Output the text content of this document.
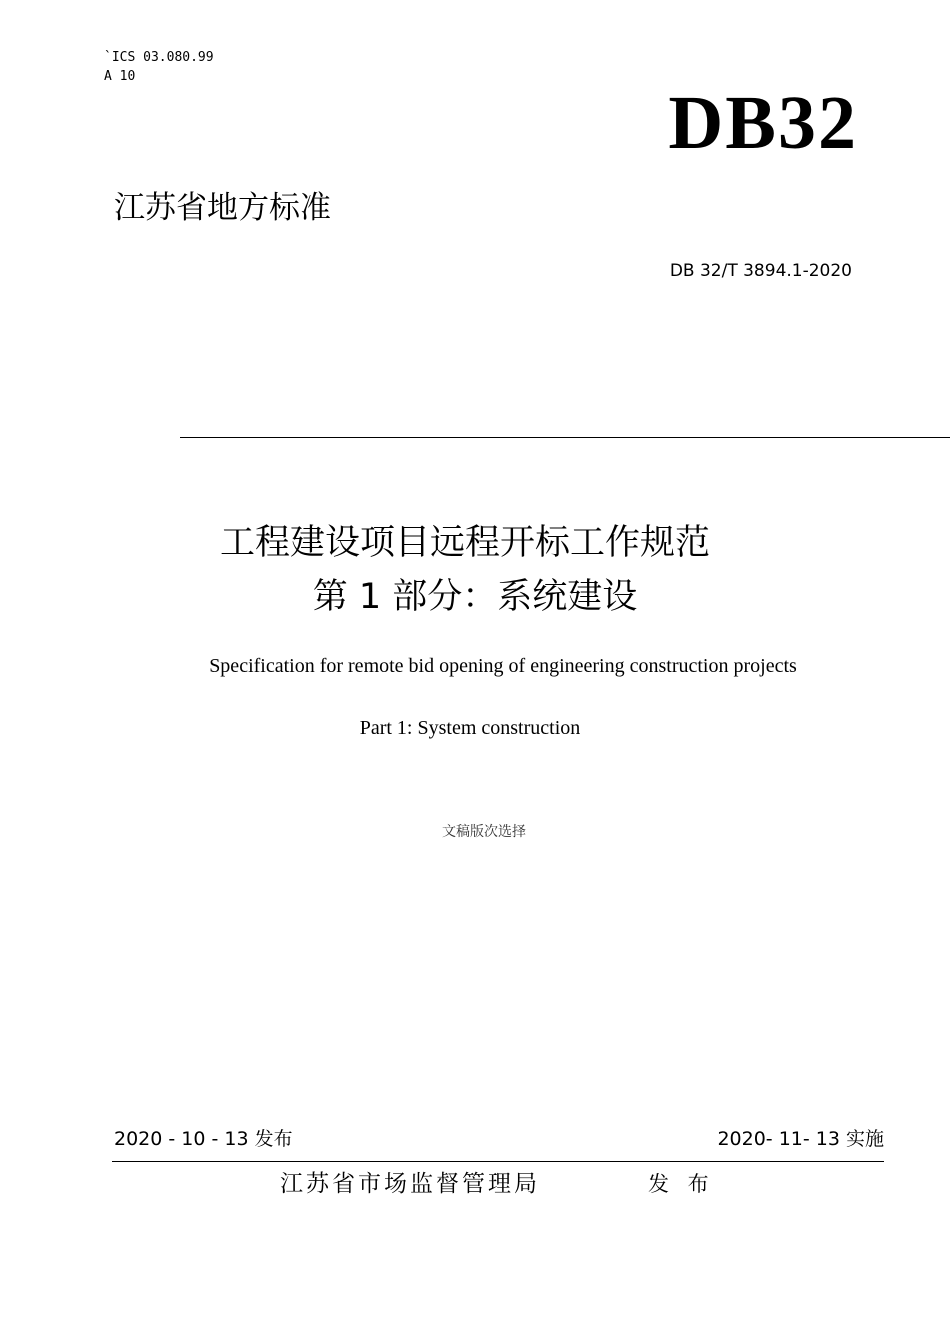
`ICS 03.080.99
A 10
DB32
江苏省地方标准
DB 32/T 3894.1-2020
工程建设项目远程开标工作规范
第 1 部分：系统建设
Specification for remote bid opening of engineering construction projects
Part 1: System construction
文稿版次选择
2020 - 10 - 13 发布	2020- 11- 13 实施
江苏省市场监督管理局	发 布
